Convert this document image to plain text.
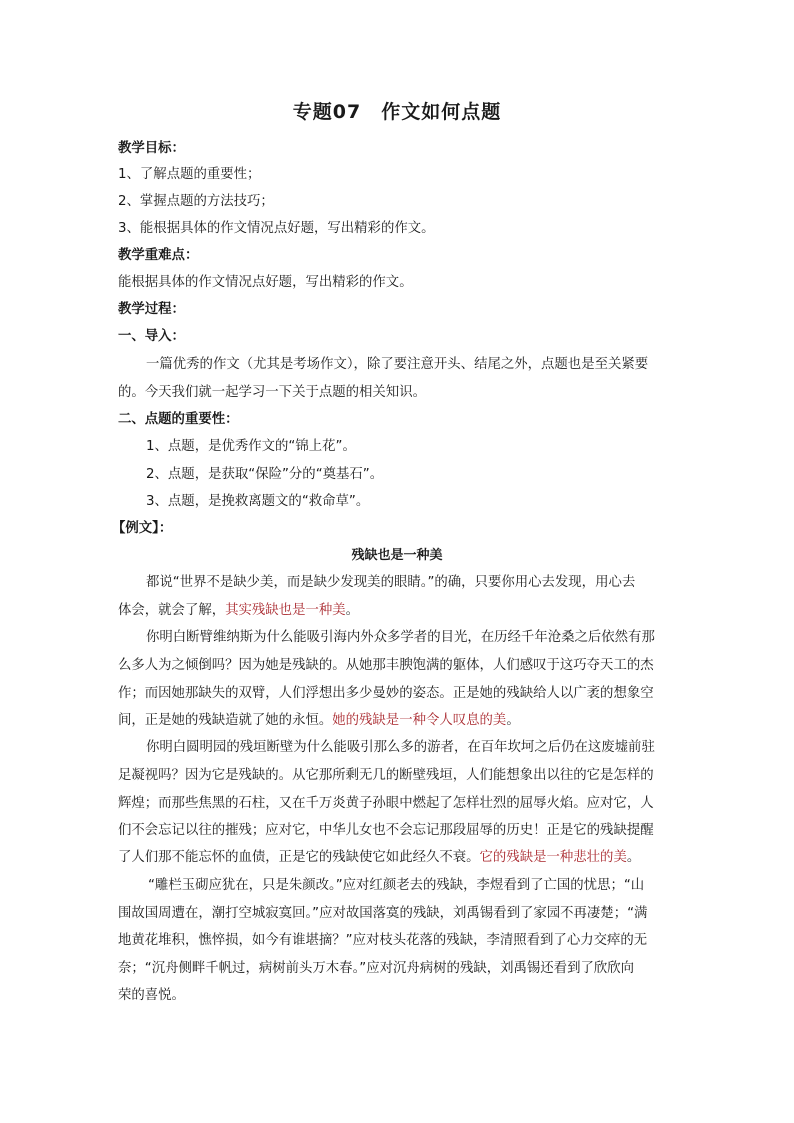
专题07　作文如何点题
教学目标：
1、了解点题的重要性；
2、掌握点题的方法技巧；
3、能根据具体的作文情况点好题，写出精彩的作文。
教学重难点：
能根据具体的作文情况点好题，写出精彩的作文。
教学过程：
一、导入：
一篇优秀的作文（尤其是考场作文），除了要注意开头、结尾之外，点题也是至关紧要
的。今天我们就一起学习一下关于点题的相关知识。
二、点题的重要性：
1、点题，是优秀作文的“锦上花”。
2、点题，是获取“保险”分的“奠基石”。
3、点题，是挽救离题文的“救命草”。
【例文】：
残缺也是一种美
都说“世界不是缺少美，而是缺少发现美的眼睛。”的确，只要你用心去发现，用心去
体会，就会了解，其实残缺也是一种美。
你明白断臂维纳斯为什么能吸引海内外众多学者的目光，在历经千年沧桑之后依然有那
么多人为之倾倒吗？因为她是残缺的。从她那丰腴饱满的躯体，人们感叹于这巧夺天工的杰
作；而因她那缺失的双臂，人们浮想出多少曼妙的姿态。正是她的残缺给人以广袤的想象空
间，正是她的残缺造就了她的永恒。她的残缺是一种令人叹息的美。
你明白圆明园的残垣断壁为什么能吸引那么多的游者，在百年坎坷之后仍在这废墟前驻
足凝视吗？因为它是残缺的。从它那所剩无几的断壁残垣，人们能想象出以往的它是怎样的
辉煌；而那些焦黑的石柱，又在千万炎黄子孙眼中燃起了怎样壮烈的屈辱火焰。应对它，人
们不会忘记以往的摧残；应对它，中华儿女也不会忘记那段屈辱的历史！正是它的残缺提醒
了人们那不能忘怀的血债，正是它的残缺使它如此经久不衰。它的残缺是一种悲壮的美。
“雕栏玉砌应犹在，只是朱颜改。”应对红颜老去的残缺，李煜看到了亡国的忧思；“山
围故国周遭在，潮打空城寂寞回。”应对故国落寞的残缺，刘禹锡看到了家园不再凄楚；“满
地黄花堆积，憔悴损，如今有谁堪摘？”应对枝头花落的残缺，李清照看到了心力交瘁的无
奈；“沉舟侧畔千帆过，病树前头万木春。”应对沉舟病树的残缺，刘禹锡还看到了欣欣向
荣的喜悦。
